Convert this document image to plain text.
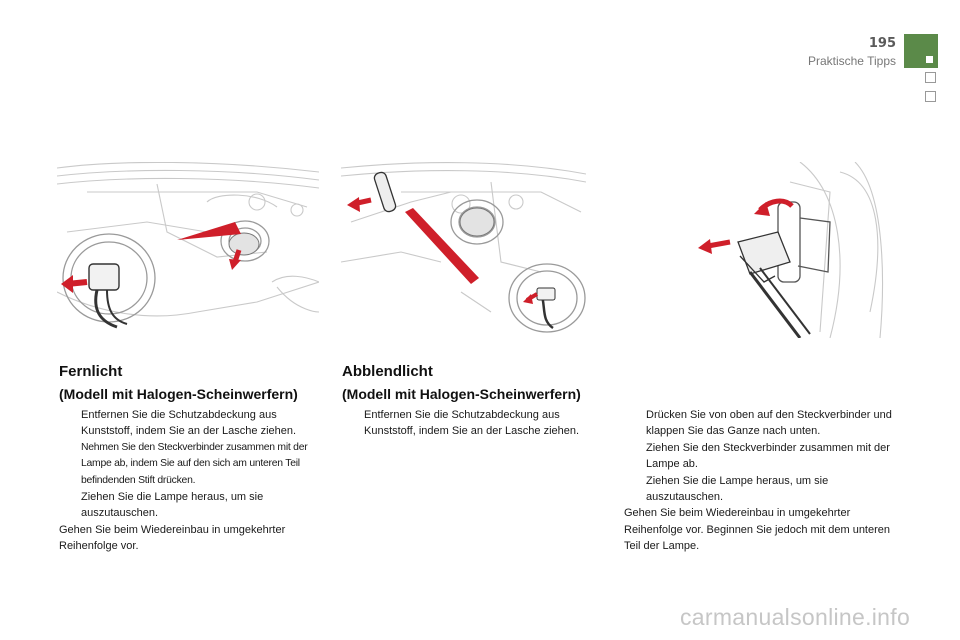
195
Praktische Tipps
Fernlicht
(Modell mit Halogen-Scheinwerfern)
Entfernen Sie die Schutzabdeckung aus Kunststoff, indem Sie an der Lasche ziehen.
Nehmen Sie den Steckverbinder zusammen mit der Lampe ab, indem Sie auf den sich am unteren Teil befindenden Stift drücken.
Ziehen Sie die Lampe heraus, um sie auszutauschen.

Gehen Sie beim Wiedereinbau in umgekehrter Reihenfolge vor.

Abblendlicht
(Modell mit Halogen-Scheinwerfern)
Entfernen Sie die Schutzabdeckung aus Kunststoff, indem Sie an der Lasche ziehen.
Drücken Sie von oben auf den Steckverbinder und klappen Sie das Ganze nach unten.
Ziehen Sie den Steckverbinder zusammen mit der Lampe ab.
Ziehen Sie die Lampe heraus, um sie auszutauschen.

Gehen Sie beim Wiedereinbau in umgekehrter Reihenfolge vor. Beginnen Sie jedoch mit dem unteren Teil der Lampe.

carmanualsonline.info
